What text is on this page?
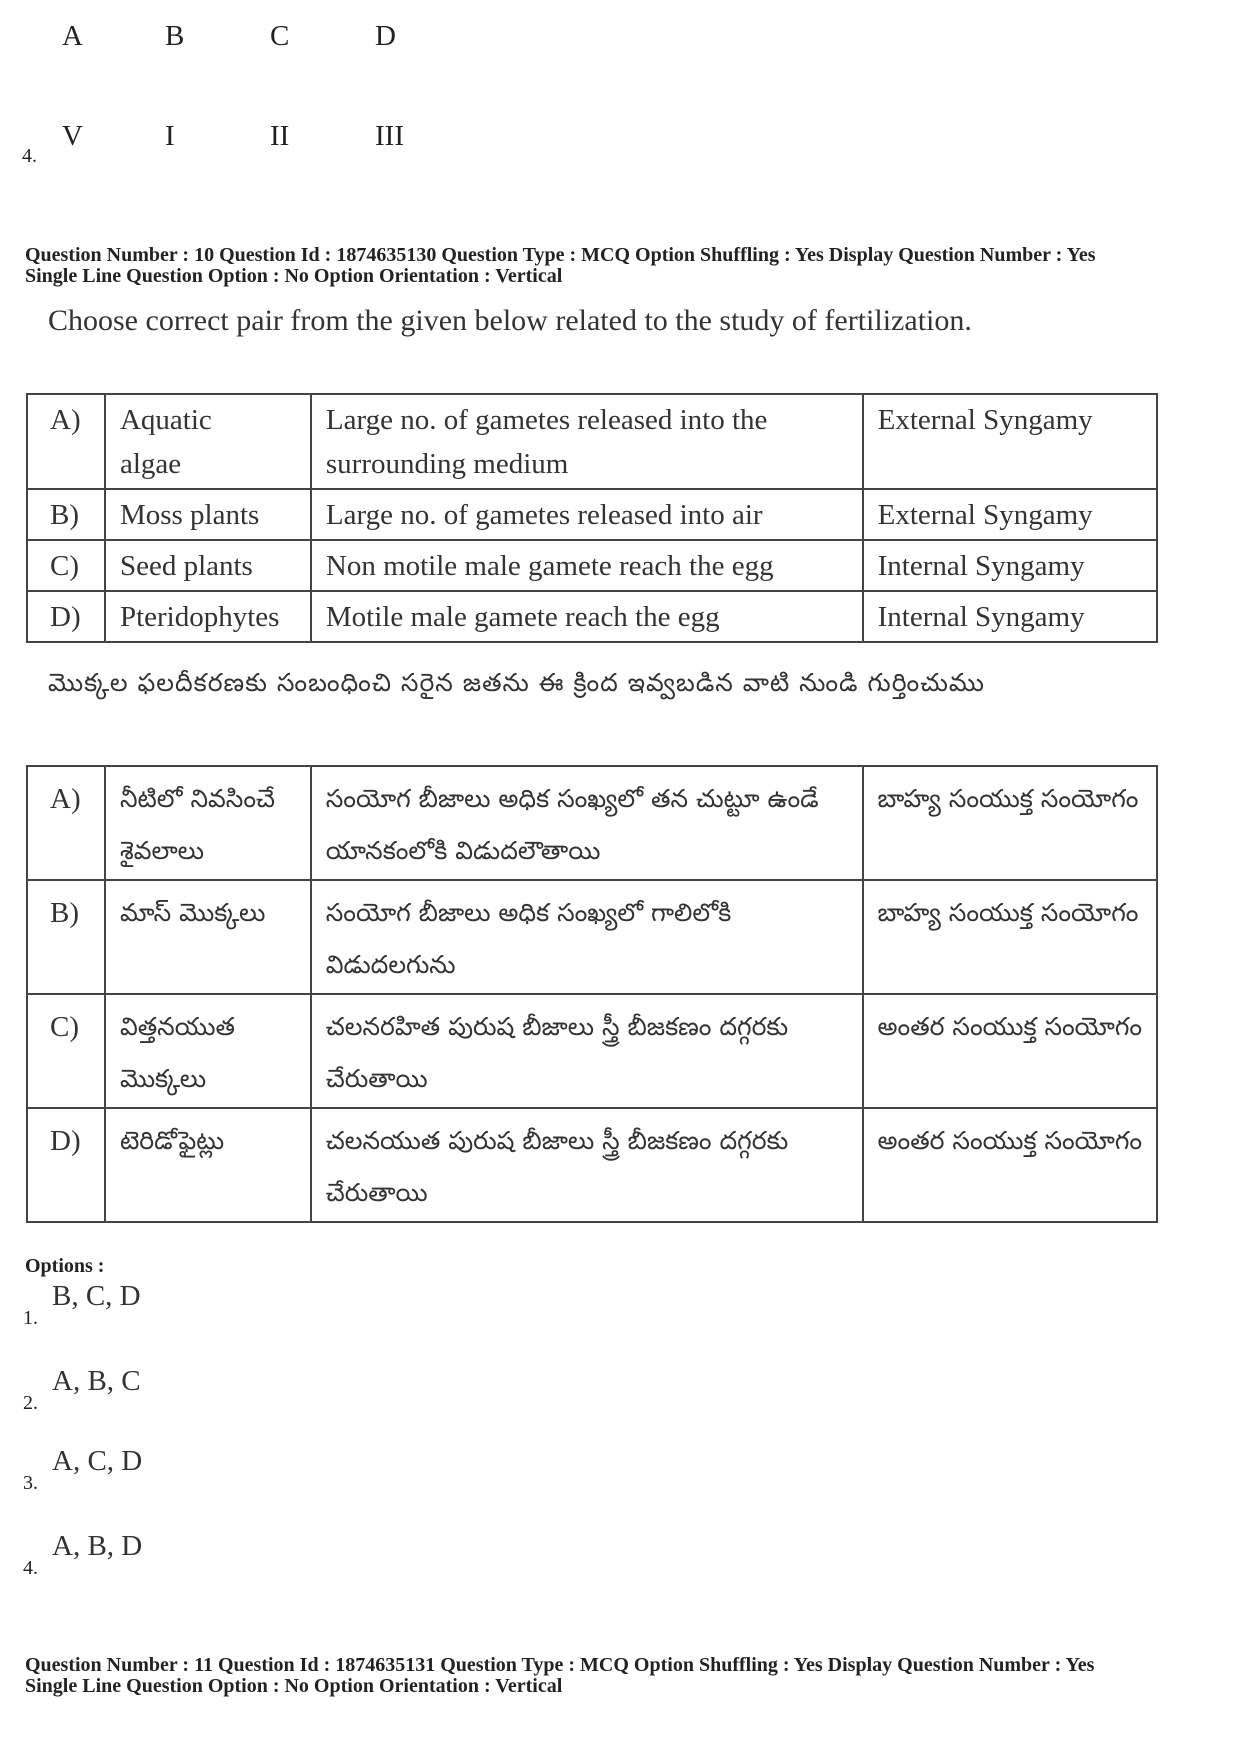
A	B	C	D
4.
V	I	II	III
Question Number : 10 Question Id : 1874635130 Question Type : MCQ Option Shuffling : Yes Display Question Number : Yes
Single Line Question Option : No Option Orientation : Vertical
Choose correct pair from the given below related to the study of fertilization.
A)	Aquatic algae	Large no. of gametes released into the surrounding medium	External Syngamy
B)	Moss plants	Large no. of gametes released into air	External Syngamy
C)	Seed plants	Non motile male gamete reach the egg	Internal Syngamy
D)	Pteridophytes	Motile male gamete reach the egg	Internal Syngamy
మొక్కల ఫలదీకరణకు సంబంధించి సరైన జతను ఈ క్రింద ఇవ్వబడిన వాటి నుండి గుర్తించుము
A)	నీటిలో నివసించే శైవలాలు	సంయోగ బీజాలు అధిక సంఖ్యలో తన చుట్టూ ఉండే యానకంలోకి విడుదలౌతాయి	బాహ్య సంయుక్త సంయోగం
B)	మాస్ మొక్కలు	సంయోగ బీజాలు అధిక సంఖ్యలో గాలిలోకి విడుదలగును	బాహ్య సంయుక్త సంయోగం
C)	విత్తనయుత మొక్కలు	చలనరహిత పురుష బీజాలు స్త్రీ బీజకణం దగ్గరకు చేరుతాయి	అంతర సంయుక్త సంయోగం
D)	టెరిడోఫైట్లు	చలనయుత పురుష బీజాలు స్త్రీ బీజకణం దగ్గరకు చేరుతాయి	అంతర సంయుక్త సంయోగం
Options :
1.
B, C, D
2.
A, B, C
3.
A, C, D
4.
A, B, D
Question Number : 11 Question Id : 1874635131 Question Type : MCQ Option Shuffling : Yes Display Question Number : Yes
Single Line Question Option : No Option Orientation : Vertical
